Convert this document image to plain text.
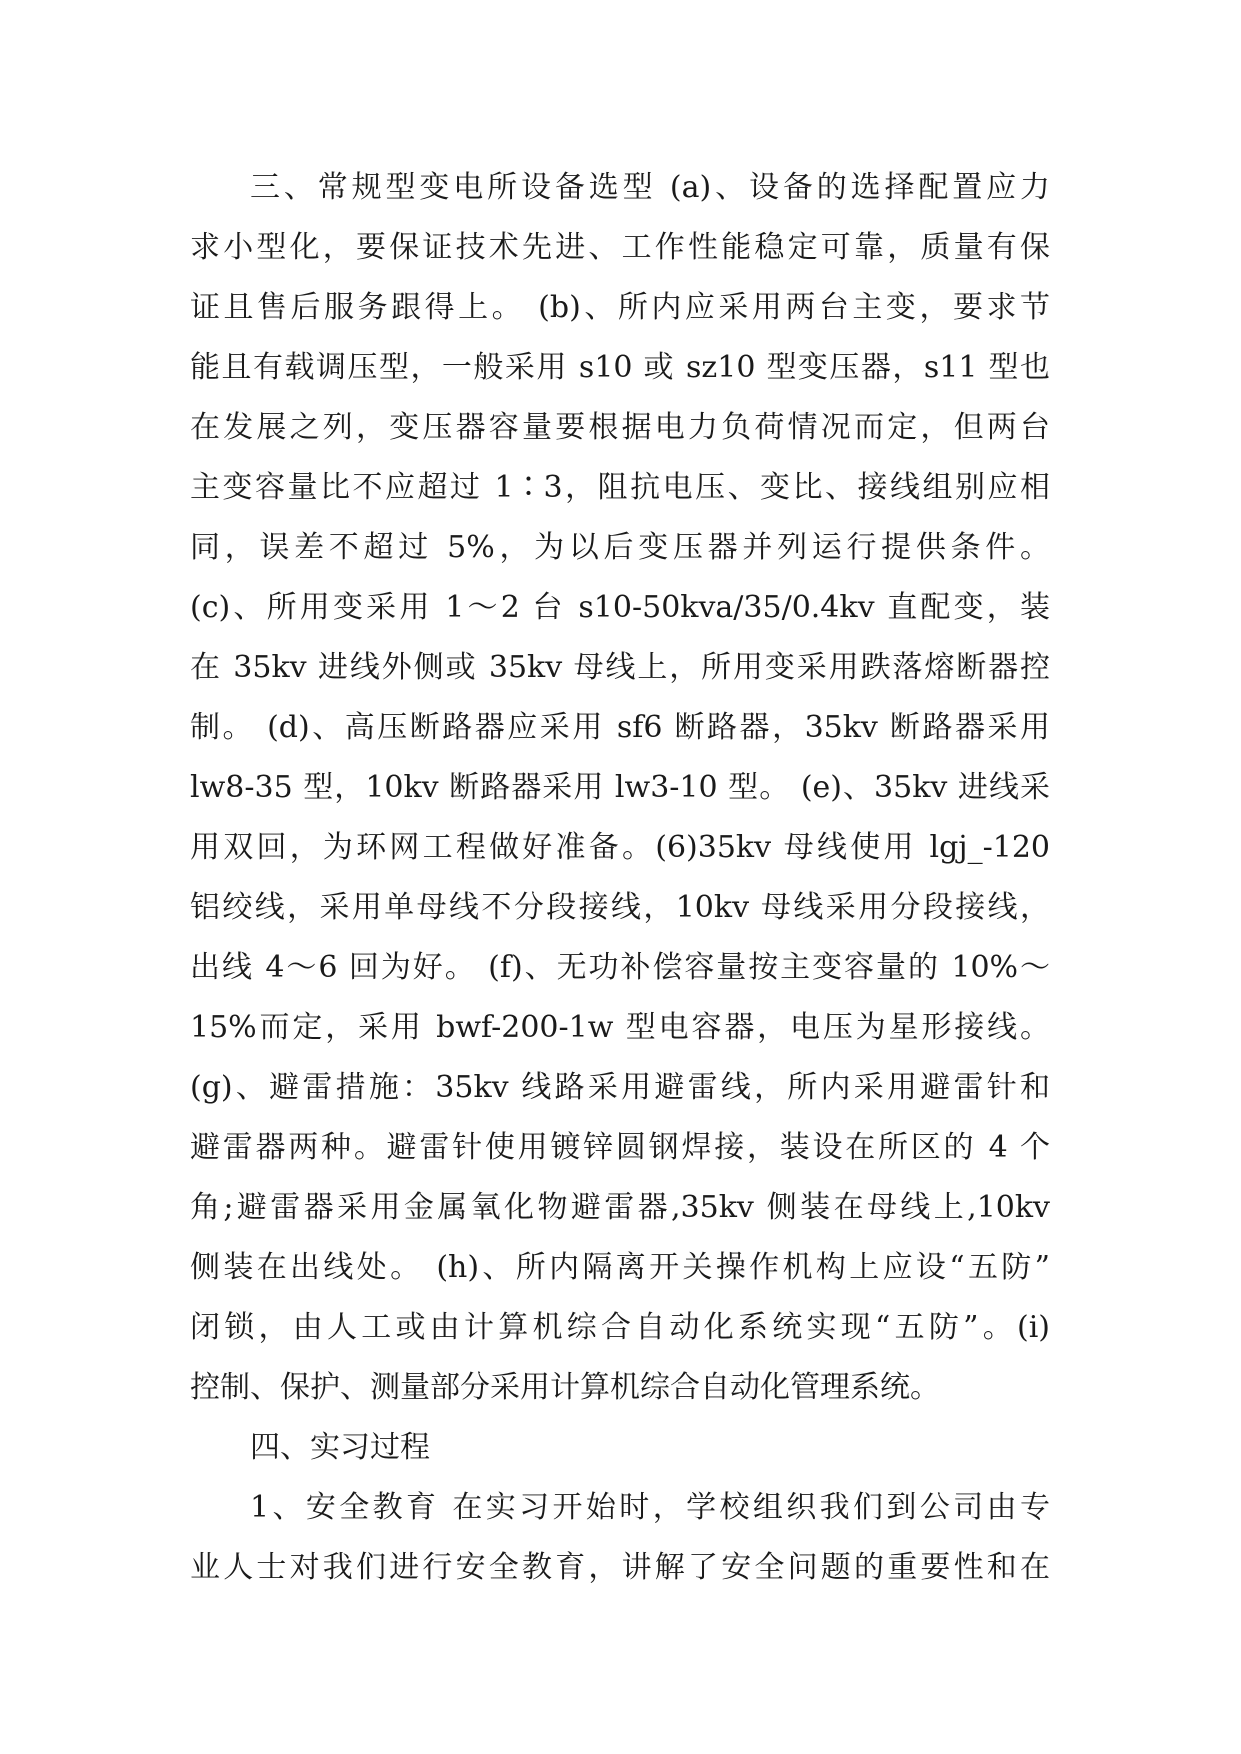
三、常规型变电所设备选型 (a)、设备的选择配置应力
求小型化，要保证技术先进、工作性能稳定可靠，质量有保
证且售后服务跟得上。 (b)、所内应采用两台主变，要求节
能且有载调压型，一般采用 s10 或 sz10 型变压器，s11 型也
在发展之列，变压器容量要根据电力负荷情况而定，但两台
主变容量比不应超过 1∶3，阻抗电压、变比、接线组别应相
同，误差不超过 5%，为以后变压器并列运行提供条件。
(c)、所用变采用 1～2 台 s10-50kva/35/0.4kv 直配变，装
在 35kv 进线外侧或 35kv 母线上，所用变采用跌落熔断器控
制。 (d)、高压断路器应采用 sf6 断路器，35kv 断路器采用
lw8-35 型，10kv 断路器采用 lw3-10 型。 (e)、35kv 进线采
用双回，为环网工程做好准备。(6)35kv 母线使用 lgj_-120
铝绞线，采用单母线不分段接线，10kv 母线采用分段接线，
出线 4～6 回为好。 (f)、无功补偿容量按主变容量的 10%～
15%而定，采用 bwf-200-1w 型电容器，电压为星形接线。
(g)、避雷措施：35kv 线路采用避雷线，所内采用避雷针和
避雷器两种。避雷针使用镀锌圆钢焊接，装设在所区的 4 个
角;避雷器采用金属氧化物避雷器,35kv 侧装在母线上,10kv
侧装在出线处。 (h)、所内隔离开关操作机构上应设“五防”
闭锁，由人工或由计算机综合自动化系统实现“五防”。(i)
控制、保护、测量部分采用计算机综合自动化管理系统。
四、实习过程
1、安全教育 在实习开始时，学校组织我们到公司由专
业人士对我们进行安全教育，讲解了安全问题的重要性和在
